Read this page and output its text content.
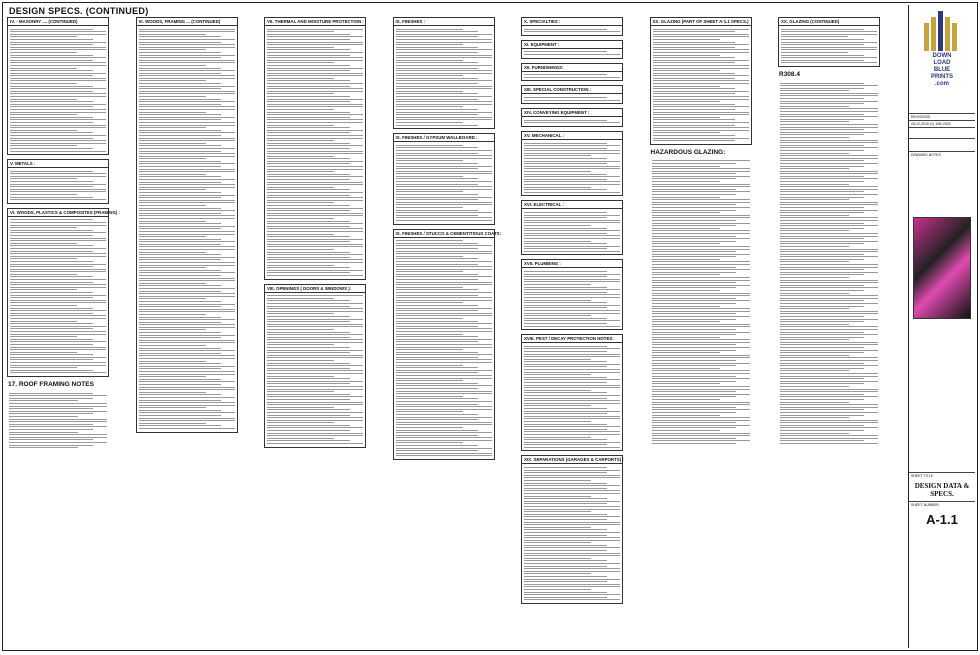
DESIGN SPECS. (CONTINUED)
IV. - MASONRY .... (CONTINUED)
V. METALS :
VI. WOODS, PLASTICS & COMPOSITES (FRAMING) :
17. ROOF FRAMING NOTES
VI. WOODS, FRAMING ... (CONTINUED)	VII. THERMAL AND MOISTURE PROTECTION :
VIII. OPENINGS ( DOORS & WINDOWS ):
IX. FINISHES :
IX. FINISHES / GYPSUM WALLBOARD :
IX. FINISHES / STUCCO & CEMENTITIOUS COATS:
X. SPECIALTIES :
XI. EQUIPMENT :
XII. FURNISHINGS:
XIII. SPECIAL CONSTRUCTION :
XIV. CONVEYING EQUIPMENT :
XV. MECHANICAL :
XVI. ELECTRICAL :
XVII. PLUMBING :
XVIII. PEST / DECAY PROTECTION NOTES:
XIX. SEPARATIONS (GARAGES & CARPORTS) :
XX. GLAZING (PART OF SHEET A-1.1 SPECS.)
HAZARDOUS GLAZING:
XX. GLAZING (CONTINUED)
R308.4
DOWN
LOAD
BLUE
PRINTS
.com
REVISIONS
05-12-2016 (1) 10th 2020
DRAWING NOTES
SHEET TITLE
DESIGN DATA & SPECS.
SHEET NUMBER
A-1.1
